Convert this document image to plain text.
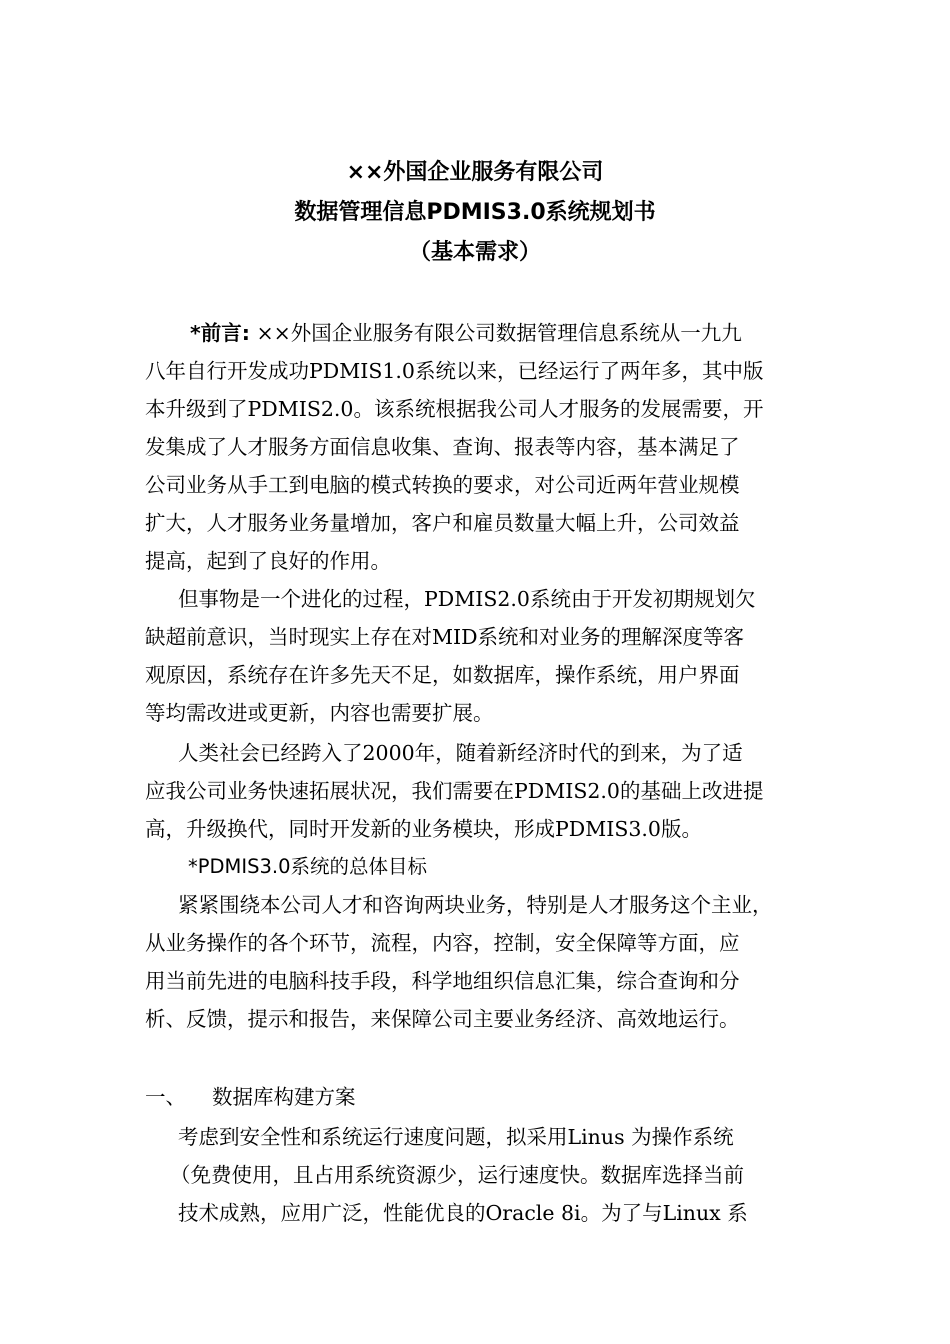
××外国企业服务有限公司
数据管理信息PDMIS3.0系统规划书
（基本需求）
*前言: ××外国企业服务有限公司数据管理信息系统从一九九
八年自行开发成功PDMIS1.0系统以来，已经运行了两年多，其中版
本升级到了PDMIS2.0。该系统根据我公司人才服务的发展需要，开
发集成了人才服务方面信息收集、查询、报表等内容，基本满足了
公司业务从手工到电脑的模式转换的要求，对公司近两年营业规模
扩大，人才服务业务量增加，客户和雇员数量大幅上升，公司效益
提高，起到了良好的作用。
但事物是一个进化的过程，PDMIS2.0系统由于开发初期规划欠
缺超前意识，当时现实上存在对MID系统和对业务的理解深度等客
观原因，系统存在许多先天不足，如数据库，操作系统，用户界面
等均需改进或更新，内容也需要扩展。
人类社会已经跨入了2000年，随着新经济时代的到来，为了适
应我公司业务快速拓展状况，我们需要在PDMIS2.0的基础上改进提
高，升级换代，同时开发新的业务模块，形成PDMIS3.0版。
*PDMIS3.0系统的总体目标
紧紧围绕本公司人才和咨询两块业务，特别是人才服务这个主业，
从业务操作的各个环节，流程，内容，控制，安全保障等方面，应
用当前先进的电脑科技手段，科学地组织信息汇集，综合查询和分
析、反馈，提示和报告，来保障公司主要业务经济、高效地运行。
一、 数据库构建方案
考虑到安全性和系统运行速度问题，拟采用Linus 为操作系统
（免费使用，且占用系统资源少，运行速度快。数据库选择当前
技术成熟，应用广泛，性能优良的Oracle 8i。为了与Linux 系
